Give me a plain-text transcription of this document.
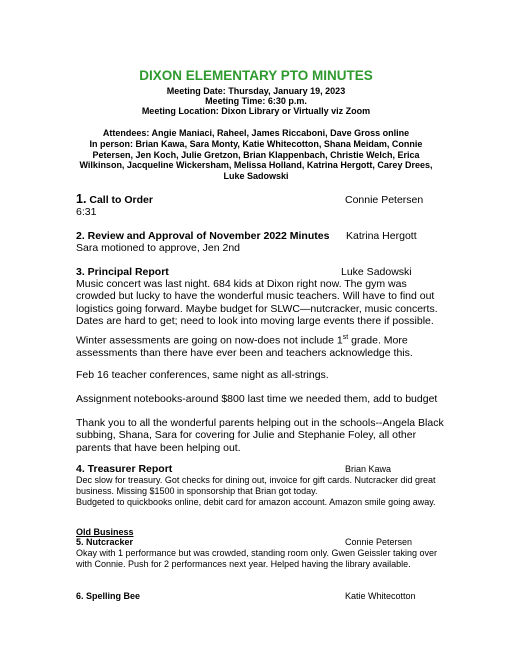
DIXON ELEMENTARY PTO MINUTES
Meeting Date: Thursday, January 19, 2023
Meeting Time: 6:30 p.m.
Meeting Location: Dixon Library or Virtually viz Zoom
Attendees: Angie Maniaci, Raheel, James Riccaboni, Dave Gross online
In person: Brian Kawa, Sara Monty, Katie Whitecotton, Shana Meidam, Connie
Petersen, Jen Koch, Julie Gretzon, Brian Klappenbach, Christie Welch, Erica
Wilkinson, Jacqueline Wickersham, Melissa Holland, Katrina Hergott, Carey Drees,
Luke Sadowski
1. Call to Order	Connie Petersen
6:31
2. Review and Approval of November 2022 Minutes Katrina Hergott
Sara motioned to approve, Jen 2nd
3. Principal Report	Luke Sadowski
Music concert was last night. 684 kids at Dixon right now. The gym was crowded but lucky to have the wonderful music teachers. Will have to find out logistics going forward. Maybe budget for SLWC—nutcracker, music concerts. Dates are hard to get; need to look into moving large events there if possible.
Winter assessments are going on now-does not include 1st grade. More assessments than there have ever been and teachers acknowledge this.
Feb 16 teacher conferences, same night as all-strings.
Assignment notebooks-around $800 last time we needed them, add to budget
Thank you to all the wonderful parents helping out in the schools--Angela Black subbing, Shana, Sara for covering for Julie and Stephanie Foley, all other parents that have been helping out.
4. Treasurer Report	Brian Kawa
Dec slow for treasury. Got checks for dining out, invoice for gift cards. Nutcracker did great business. Missing $1500 in sponsorship that Brian got today.
Budgeted to quickbooks online, debit card for amazon account. Amazon smile going away.
Old Business
5. Nutcracker	Connie Petersen
Okay with 1 performance but was crowded, standing room only. Gwen Geissler taking over with Connie. Push for 2 performances next year. Helped having the library available.
6. Spelling Bee	Katie Whitecotton
